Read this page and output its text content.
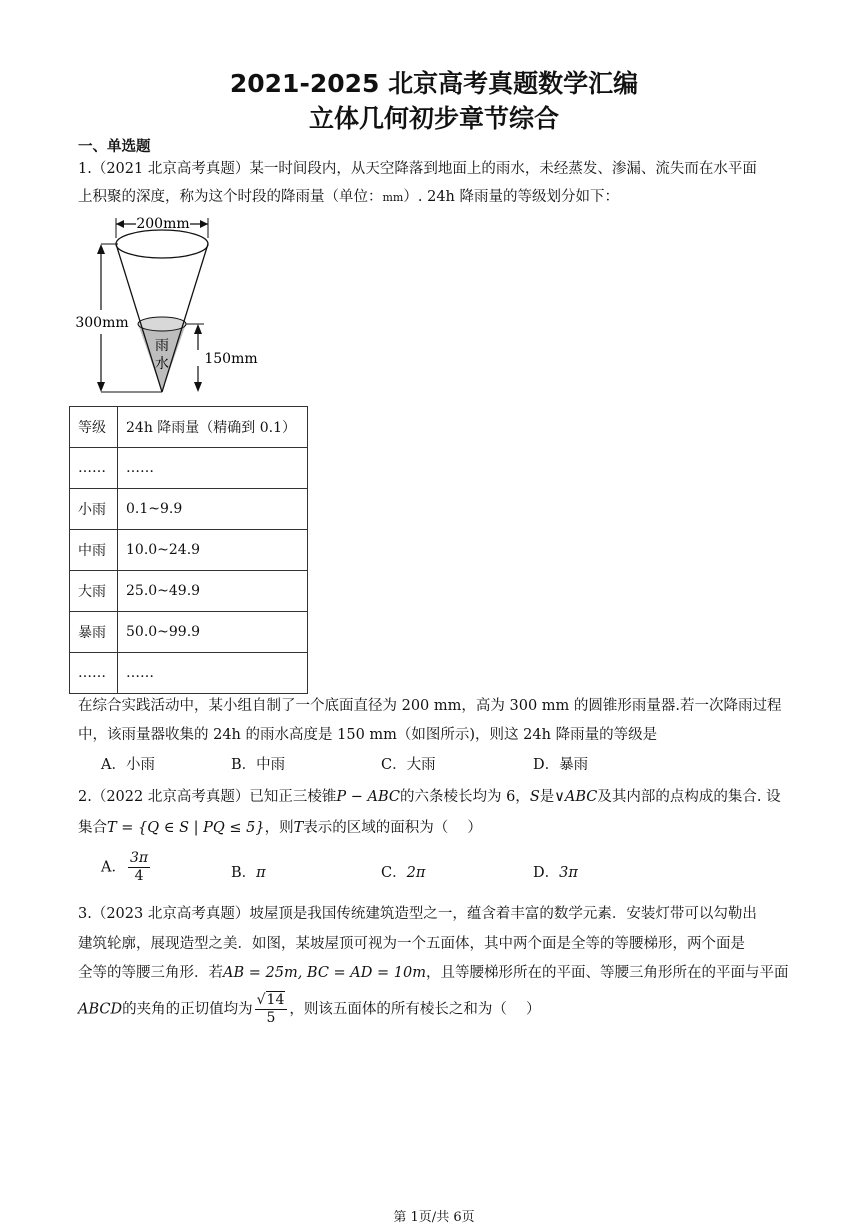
2021-2025 北京高考真题数学汇编
立体几何初步章节综合
一、单选题
1.（2021 北京高考真题）某一时间段内，从天空降落到地面上的雨水，未经蒸发、渗漏、流失而在水平面
上积聚的深度，称为这个时段的降雨量（单位：mm）. 24h 降雨量的等级划分如下：
200mm
雨
水
300mm
150mm
等级	24h 降雨量（精确到 0.1）
……	……
小雨	0.1~9.9
中雨	10.0~24.9
大雨	25.0~49.9
暴雨	50.0~99.9
……	……
在综合实践活动中，某小组自制了一个底面直径为 200 mm，高为 300 mm 的圆锥形雨量器.若一次降雨过程
中，该雨量器收集的 24h 的雨水高度是 150 mm（如图所示)，则这 24h 降雨量的等级是
A．小雨	B．中雨	C．大雨	D．暴雨
2.（2022 北京高考真题）已知正三棱锥P − ABC的六条棱长均为 6，S是∨ABC及其内部的点构成的集合. 设
集合T = {Q ∈ S | PQ ≤ 5}，则T表示的区域的面积为（　 ）
A． $\frac{3\pi}{4}$	B．π	C．2π	D．3π
3.（2023 北京高考真题）坡屋顶是我国传统建筑造型之一，蕴含着丰富的数学元素．安装灯带可以勾勒出
建筑轮廓，展现造型之美．如图，某坡屋顶可视为一个五面体，其中两个面是全等的等腰梯形，两个面是
全等的等腰三角形．若AB = 25m, BC = AD = 10m，且等腰梯形所在的平面、等腰三角形所在的平面与平面
ABCD的夹角的正切值均为 $\frac{√14}{5}$ ，则该五面体的所有棱长之和为（　 ）
第 1页/共 6页
